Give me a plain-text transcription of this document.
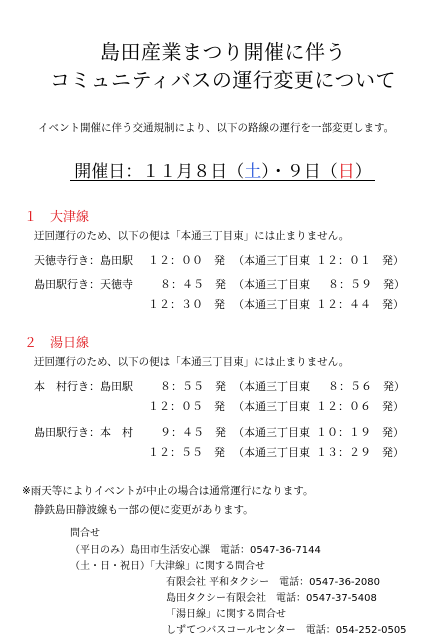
島田産業まつり開催に伴う
コミュニティバスの運行変更について
イベント開催に伴う交通規制により、以下の路線の運行を一部変更します。
開催日：１１月８日（土）・９日（日）
１　 大津線
迂回運行のため、以下の便は「本通三丁目東」には止まりません。
天徳寺行き：島田駅 １２：００　発 （本通三丁目東 １２：０１　発）
島田駅行き：天徳寺 ８：４５　発 （本通三丁目東 ８：５９　発）
１２：３０　発 （本通三丁目東 １２：４４　発）
２　 湯日線
迂回運行のため、以下の便は「本通三丁目東」には止まりません。
本　村行き：島田駅 ８：５５　発 （本通三丁目東 ８：５６　発）
１２：０５　発 （本通三丁目東 １２：０６　発）
島田駅行き：本　村 ９：４５　発 （本通三丁目東 １０：１９　発）
１２：５５　発 （本通三丁目東 １３：２９　発）
※雨天等によりイベントが中止の場合は通常運行になります。
静鉄島田静波線も一部の便に変更があります。
問合せ
（平日のみ）島田市生活安心課　電話：0547-36-7144
（土・日・祝日）「大津線」に関する問合せ
有限会社 平和タクシー　電話：0547-36-2080
島田タクシー有限会社　電話：0547-37-5408
「湯日線」に関する問合せ
しずてつバスコールセンター　電話：054-252-0505
